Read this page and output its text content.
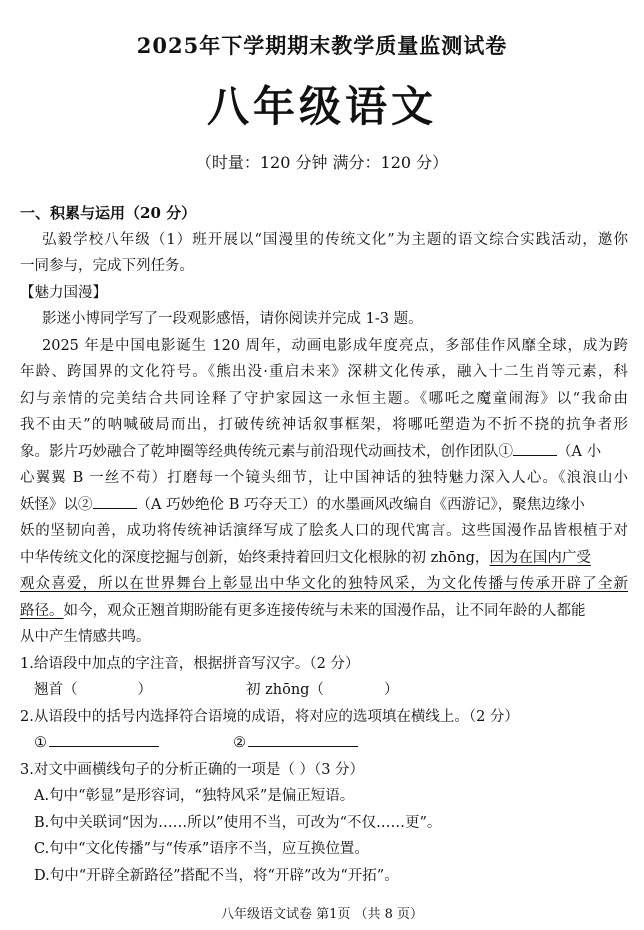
2025年下学期期末教学质量监测试卷
八年级语文
（时量：120 分钟 满分：120 分）
一、积累与运用（20 分）
弘毅学校八年级（1）班开展以“国漫里的传统文化”为主题的语文综合实践活动，邀你
一同参与，完成下列任务。
【魅力国漫】
影迷小博同学写了一段观影感悟，请你阅读并完成 1-3 题。
2025 年是中国电影诞生 120 周年，动画电影成年度亮点，多部佳作风靡全球，成为跨
年龄、跨国界的文化符号。《熊出没·重启未来》深耕文化传承，融入十二生肖等元素，科
幻与亲情的完美结合共同诠释了守护家园这一永恒主题。《哪吒之魔童闹海》以“我命由
我不由天”的呐喊破局而出，打破传统神话叙事框架，将哪吒塑造为不折不挠的抗争者形
象。影片巧妙融合了乾坤圈等经典传统元素与前沿现代动画技术，创作团队①	（A 小
心翼翼 B 一丝不苟）打磨每一个镜头细节，让中国神话的独特魅力深入人心。《浪浪山小
妖怪》以②	（A 巧妙绝伦 B 巧夺天工）的水墨画风改编自《西游记》，聚焦边缘小
妖的坚韧向善，成功将传统神话演绎写成了脍炙人口的现代寓言。这些国漫作品皆根植于对
中华传统文化的深度挖掘与创新，始终秉持着回归文化根脉的初 zhōng，因为在国内广受
观众喜爱，所以在世界舞台上彰显出中华文化的独特风采，为文化传播与传承开辟了全新
路径。如今，观众正翘首期盼能有更多连接传统与未来的国漫作品，让不同年龄的人都能
从中产生情感共鸣。
1.给语段中加点的字注音，根据拼音写汉字。（2 分）
翘首（	）	初 zhōng（	）
2.从语段中的括号内选择符合语境的成语，将对应的选项填在横线上。（2 分）
①	②
3.对文中画横线句子的分析正确的一项是（ ）（3 分）
A.句中“彰显”是形容词，“独特风采”是偏正短语。
B.句中关联词“因为……所以”使用不当，可改为“不仅……更”。
C.句中“文化传播”与“传承”语序不当，应互换位置。
D.句中“开辟全新路径”搭配不当，将“开辟”改为“开拓”。
八年级语文试卷 第1页 （共 8 页）
